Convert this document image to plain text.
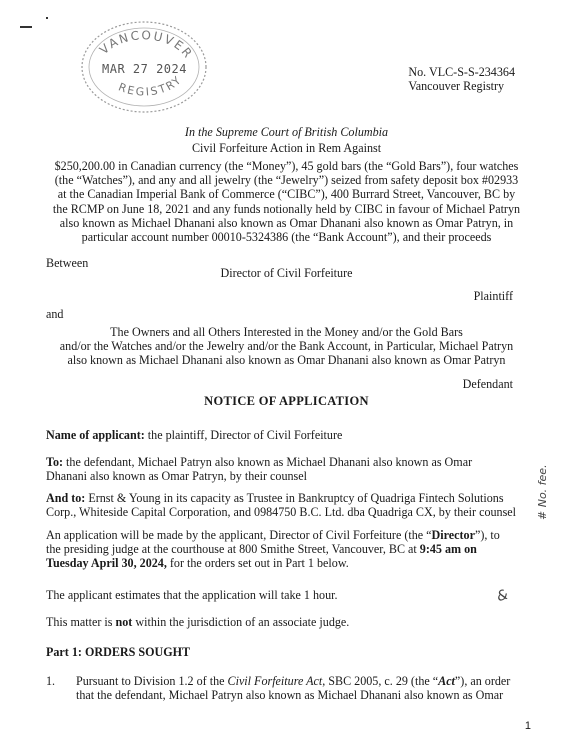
VANCOUVER
REGISTRY
MAR 27 2024	No. VLC-S-S-234364
Vancouver Registry
In the Supreme Court of British Columbia
Civil Forfeiture Action in Rem Against
$250,200.00 in Canadian currency (the “Money”), 45 gold bars (the “Gold Bars”), four watches
(the “Watches”), and any and all jewelry (the “Jewelry”) seized from safety deposit box #02933
at the Canadian Imperial Bank of Commerce (“CIBC”), 400 Burrard Street, Vancouver, BC by
the RCMP on June 18, 2021 and any funds notionally held by CIBC in favour of Michael Patryn
also known as Michael Dhanani also known as Omar Dhanani also known as Omar Patryn, in
particular account number 00010-5324386 (the “Bank Account”), and their proceeds
Between
Director of Civil Forfeiture
Plaintiff
and
The Owners and all Others Interested in the Money and/or the Gold Bars
and/or the Watches and/or the Jewelry and/or the Bank Account, in Particular, Michael Patryn
also known as Michael Dhanani also known as Omar Dhanani also known as Omar Patryn
Defendant
NOTICE OF APPLICATION
Name of applicant: the plaintiff, Director of Civil Forfeiture
To: the defendant, Michael Patryn also known as Michael Dhanani also known as Omar
Dhanani also known as Omar Patryn, by their counsel
And to: Ernst & Young in its capacity as Trustee in Bankruptcy of Quadriga Fintech Solutions
Corp., Whiteside Capital Corporation, and 0984750 B.C. Ltd. dba Quadriga CX, by their counsel
An application will be made by the applicant, Director of Civil Forfeiture (the “Director”), to
the presiding judge at the courthouse at 800 Smithe Street, Vancouver, BC at 9:45 am on
Tuesday April 30, 2024, for the orders set out in Part 1 below.
The applicant estimates that the application will take 1 hour.
This matter is not within the jurisdiction of an associate judge.
Part 1: ORDERS SOUGHT
1. Pursuant to Division 1.2 of the Civil Forfeiture Act, SBC 2005, c. 29 (the “Act”), an order
that the defendant, Michael Patryn also known as Michael Dhanani also known as Omar
1
# No. fee.
&
